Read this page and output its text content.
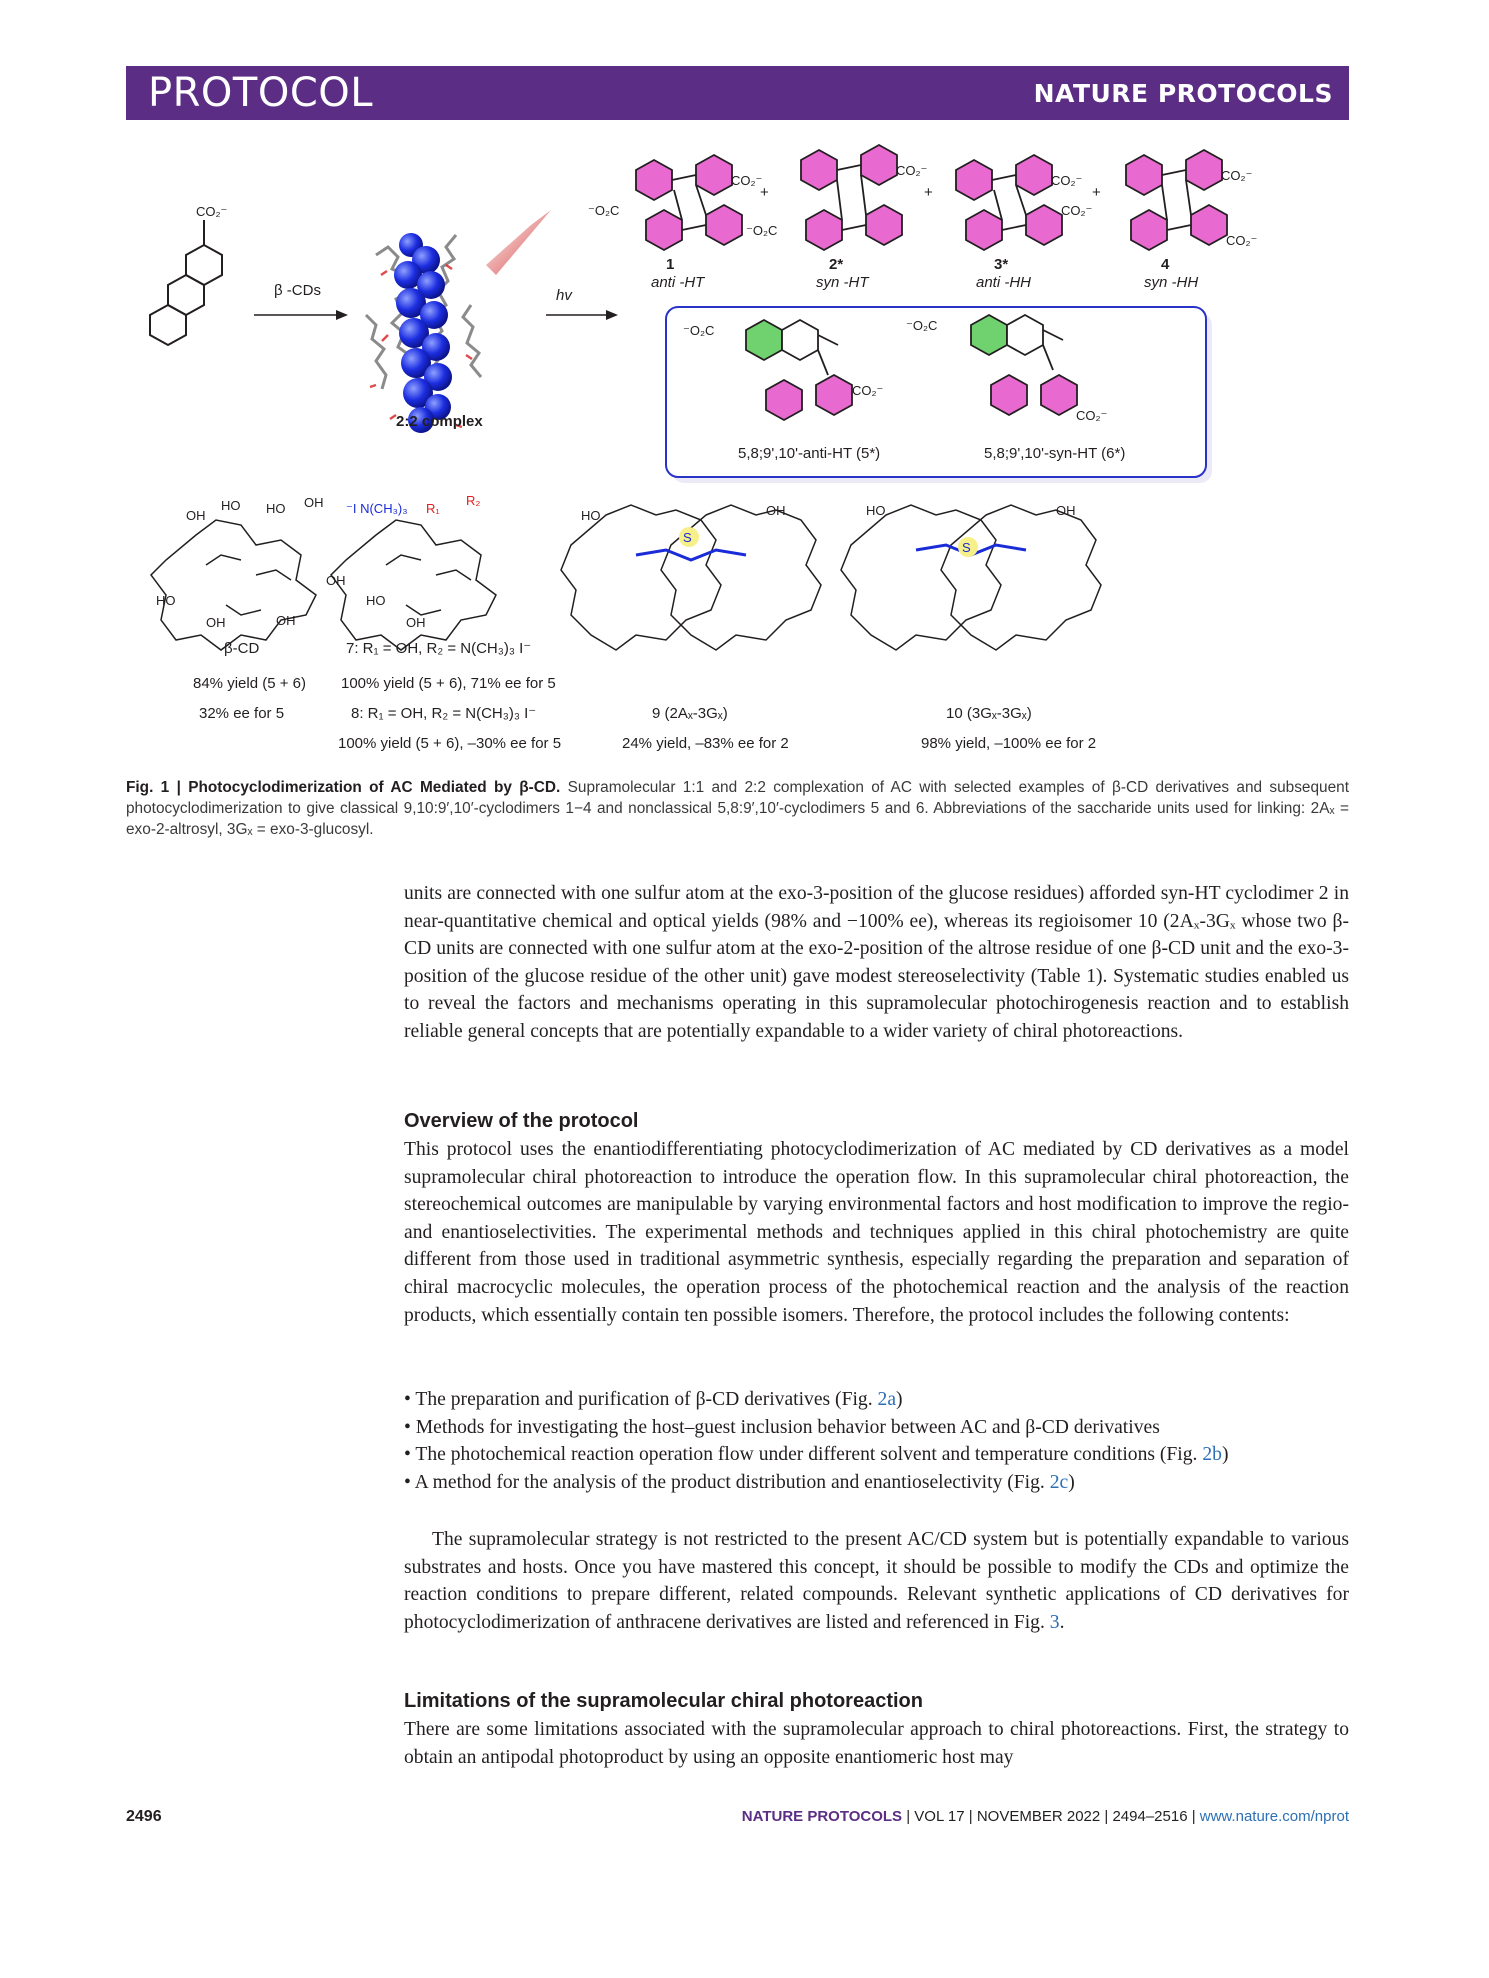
PROTOCOL	NATURE PROTOCOLS
CO₂⁻
β -CDs
2:2 complex
hv
CO₂⁻
⁻O₂C
1
anti -HT
+
CO₂⁻
⁻O₂C
2*
syn -HT
+
CO₂⁻
CO₂⁻
3*
anti -HH
+
CO₂⁻
CO₂⁻
4
syn -HH
⁻O₂C
CO₂⁻
5,8;9',10'-anti-HT (5*)
⁻O₂C
CO₂⁻
5,8;9',10'-syn-HT (6*)
OH
HO HO OH
HO
OH	OH
OH
β-CD
84% yield (5 + 6)
32% ee for 5
⁻I N(CH₃)₃ R₁
R₂
HO
OH
7: R₁ = OH, R₂ = N(CH₃)₃ I⁻
100% yield (5 + 6), 71% ee for 5
8: R₁ = OH, R₂ = N(CH₃)₃ I⁻
100% yield (5 + 6), –30% ee for 5
S
HO	OH
9 (2Aₓ-3Gₓ)
24% yield, –83% ee for 2
S
HO	OH
10 (3Gₓ-3Gₓ)
98% yield, –100% ee for 2
Fig. 1 | Photocyclodimerization of AC Mediated by β-CD. Supramolecular 1:1 and 2:2 complexation of AC with selected examples of β-CD derivatives and subsequent photocyclodimerization to give classical 9,10:9′,10′-cyclodimers 1−4 and nonclassical 5,8:9′,10′-cyclodimers 5 and 6. Abbreviations of the saccharide units used for linking: 2Aₓ = exo-2-altrosyl, 3Gₓ = exo-3-glucosyl.
units are connected with one sulfur atom at the exo-3-position of the glucose residues) afforded syn-HT cyclodimer 2 in near-quantitative chemical and optical yields (98% and −100% ee), whereas its regioisomer 10 (2Aₓ-3Gₓ whose two β-CD units are connected with one sulfur atom at the exo-2-position of the altrose residue of one β-CD unit and the exo-3-position of the glucose residue of the other unit) gave modest stereoselectivity (Table 1). Systematic studies enabled us to reveal the factors and mechanisms operating in this supramolecular photochirogenesis reaction and to establish reliable general concepts that are potentially expandable to a wider variety of chiral photoreactions.
Overview of the protocol
This protocol uses the enantiodifferentiating photocyclodimerization of AC mediated by CD derivatives as a model supramolecular chiral photoreaction to introduce the operation flow. In this supramolecular chiral photoreaction, the stereochemical outcomes are manipulable by varying environmental factors and host modification to improve the regio- and enantioselectivities. The experimental methods and techniques applied in this chiral photochemistry are quite different from those used in traditional asymmetric synthesis, especially regarding the preparation and separation of chiral macrocyclic molecules, the operation process of the photochemical reaction and the analysis of the reaction products, which essentially contain ten possible isomers. Therefore, the protocol includes the following contents:
• The preparation and purification of β-CD derivatives (Fig. 2a)
• Methods for investigating the host–guest inclusion behavior between AC and β-CD derivatives
• The photochemical reaction operation flow under different solvent and temperature conditions (Fig. 2b)
• A method for the analysis of the product distribution and enantioselectivity (Fig. 2c)
The supramolecular strategy is not restricted to the present AC/CD system but is potentially expandable to various substrates and hosts. Once you have mastered this concept, it should be possible to modify the CDs and optimize the reaction conditions to prepare different, related compounds. Relevant synthetic applications of CD derivatives for photocyclodimerization of anthracene derivatives are listed and referenced in Fig. 3.
Limitations of the supramolecular chiral photoreaction
There are some limitations associated with the supramolecular approach to chiral photoreactions. First, the strategy to obtain an antipodal photoproduct by using an opposite enantiomeric host may
2496	NATURE PROTOCOLS | VOL 17 | NOVEMBER 2022 | 2494–2516 | www.nature.com/nprot
